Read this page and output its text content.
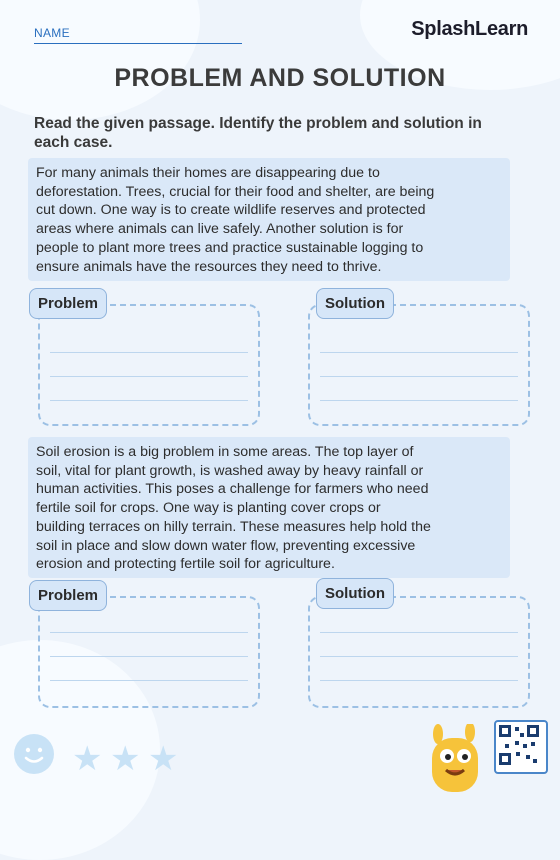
NAME	SplashLearn
PROBLEM AND SOLUTION
Read the given passage. Identify the problem and solution in each case.

For many animals their homes are disappearing due to

deforestation. Trees, crucial for their food and shelter, are being

cut down. One way is to create wildlife reserves and protected

areas where animals can live safely. Another solution is for

people to plant more trees and practice sustainable logging to

ensure animals have the resources they need to thrive.

Problem	Solution

Soil erosion is a big problem in some areas. The top layer of

soil, vital for plant growth, is washed away by heavy rainfall or

human activities. This poses a challenge for farmers who need

fertile soil for crops. One way is planting cover crops or

building terraces on hilly terrain. These measures help hold the

soil in place and slow down water flow, preventing excessive

erosion and protecting fertile soil for agriculture.

Problem	Solution
★ ★ ★
